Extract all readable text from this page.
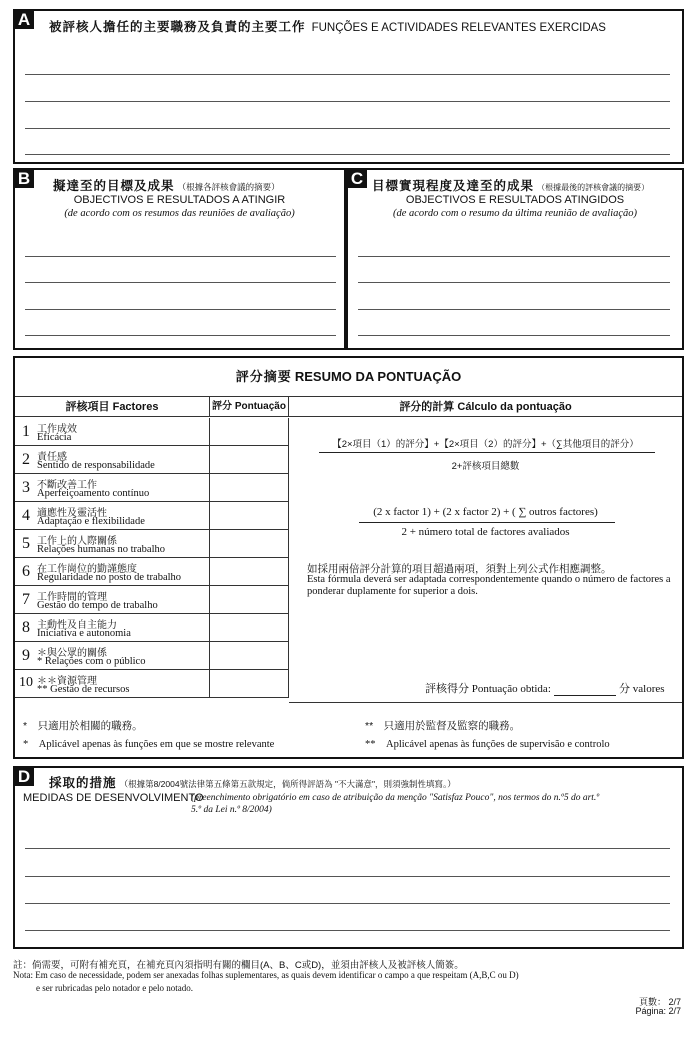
A	被評核人擔任的主要職務及負責的主要工作 FUNÇÕES E ACTIVIDADES RELEVANTES EXERCIDAS
B	擬達至的目標及成果 （根據各評核會議的摘要）
OBJECTIVOS E RESULTADOS A ATINGIR
(de acordo com os resumos das reuniões de avaliação)
C 目標實現程度及達至的成果 （根據最後的評核會議的摘要）
OBJECTIVOS E RESULTADOS ATINGIDOS
(de acordo com o resumo da última reunião de avaliação)
評分摘要 RESUMO DA PONTUAÇÃO
評核項目 Factores	評分 Pontuação	評分的計算 Cálculo da pontuação
1 工作成效
Eficácia
2 責任感
Sentido de responsabilidade
3 不斷改善工作
Aperfeiçoamento contínuo
4 適應性及靈活性
Adaptação e flexibilidade
5 工作上的人際關係
Relações humanas no trabalho
6 在工作崗位的勤謹態度
Regularidade no posto de trabalho
7 工作時間的管理
Gestão do tempo de trabalho
8 主動性及自主能力
Iniciativa e autonomia
9 ＊與公眾的關係
* Relações com o público
10 ＊＊資源管理
** Gestão de recursos
【2×項目（1）的評分】+【2×項目（2）的評分】+（∑其他項目的評分）
2+評核項目總數
(2 x factor 1) + (2 x factor 2) + ( ∑ outros factores)
2 + número total de factores avaliados
如採用兩倍評分計算的項目超過兩項，須對上列公式作相應調整。
Esta fórmula deverá ser adaptada correspondentemente quando o número de factores a ponderar duplamente for superior a dois.
評核得分 Pontuação obtida:	分 valores
*　只適用於相關的職務。
*　Aplicável apenas às funções em que se mostre relevante
**　只適用於監督及監察的職務。
**　Aplicável apenas às funções de supervisão e controlo
D	採取的措施 （根據第8/2004號法律第五條第五款規定，倘所得評語為 "不大滿意"，則須強制性填寫。）
MEDIDAS DE DESENVOLVIMENTO
(preenchimento obrigatório em caso de atribuição da menção "Satisfaz Pouco", nos termos do n.º5 do art.º
5.º da Lei n.º 8/2004)
註：倘需要，可附有補充頁，在補充頁內須指明有關的欄目(A、B、C或D)，並須由評核人及被評核人簡簽。
Nota: Em caso de necessidade, podem ser anexadas folhas suplementares, as quais devem identificar o campo a que respeitam (A,B,C ou D)
e ser rubricadas pelo notador e pelo notado.
頁數： 2/7
Página: 2/7
